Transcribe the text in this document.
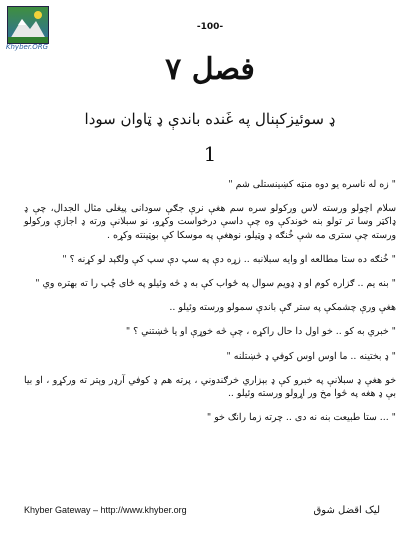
Khyber.ORG
-100-
فصل ۷
ډ سوئيزکېنال په غَنده باندې ډ ټاوان سودا
1

" زه له ناسره یو دوه منټه کښینستلی شم "

سلام اچولو ورسته لاس ورکولو سره سم هغې نرې جګې سودانی پیغلی مثال الجدال، چې ډ ډاکټر وسا تر تولو بنه خوندکې وه چې داسې درخواست وکړو، نو سبلانې ورته ډ اجازې ورکولو ورسته چې ستری مه شې خُنګه ډ وټیلو، نوهغې په موسکا کې بوټینته وکړه .

" خُنګه ده ستا مطالعه او وایه سبلانبه .. زړه دې په سپ دې سپ کې ولګېد لو کړنه ؟ "

" بنه یم .. ګزاره کوم او ډ ډویم سوال په ځواب کې به ډ څه وئیلو په ځای چُپ را ته بهتره وي "

هغې ورې چشمکې په ستر ګې باندې سمولو ورسته وئیلو ..

" خبري به کو .. خو اول دا حال راکړه ، چې څه خوړې او یا څښتني ؟ "

" ډ بختینه .. ما اوس اوس کوفي ډ څښتلنه "

خو هغې ډ سبلانې په خبرو کې ډ بېزاري خرګندوني ، پرته هم ډ کوفي آرډر وېتر ته ورکړو ، او بيا بې ډ هغه په څوا مخ ور اړولو ورسته وئیلو ..

" ... ستا طبیعت بنه نه دی .. چرته زما رانګ خو "

Khyber Gateway – http://www.khyber.org	لیک اقضل شوق
